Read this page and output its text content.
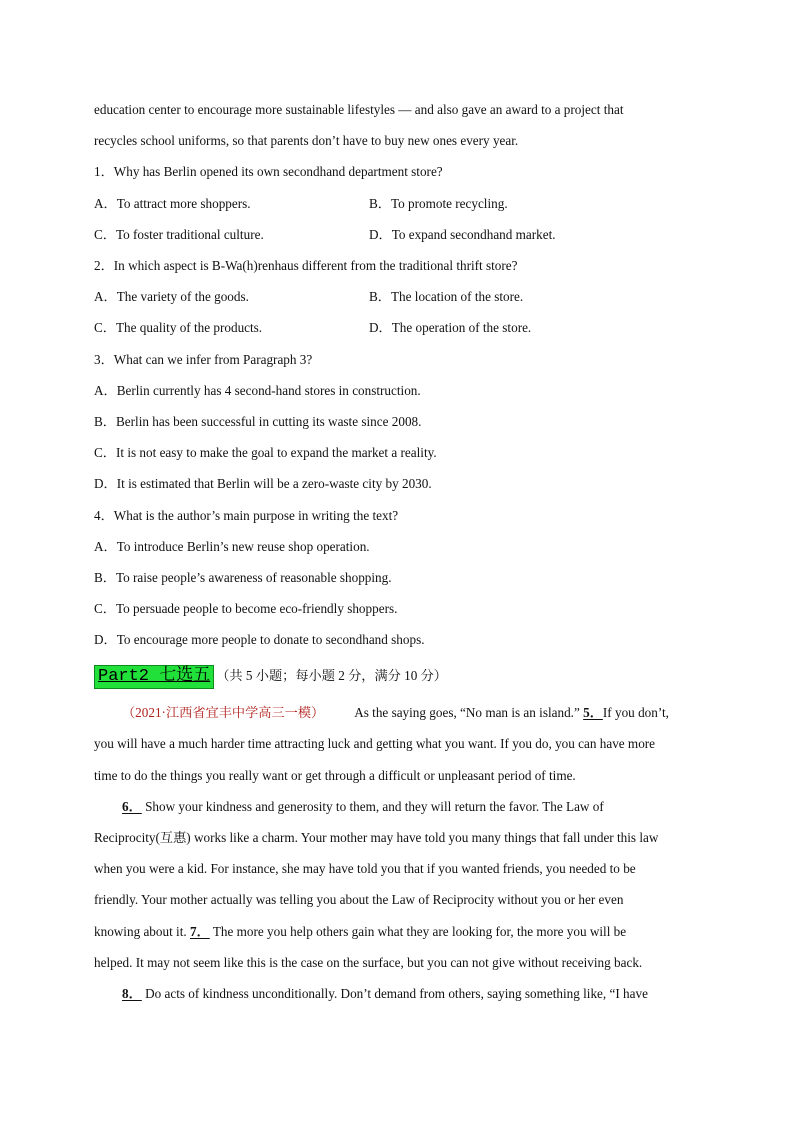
education center to encourage more sustainable lifestyles — and also gave an award to a project that
recycles school uniforms, so that parents don’t have to buy new ones every year.
1．Why has Berlin opened its own secondhand department store?
A．To attract more shoppers.	B．To promote recycling.
C．To foster traditional culture.	D．To expand secondhand market.
2．In which aspect is B-Wa(h)renhaus different from the traditional thrift store?
A．The variety of the goods.	B．The location of the store.
C．The quality of the products.	D．The operation of the store.
3．What can we infer from Paragraph 3?
A．Berlin currently has 4 second-hand stores in construction.
B．Berlin has been successful in cutting its waste since 2008.
C．It is not easy to make the goal to expand the market a reality.
D．It is estimated that Berlin will be a zero-waste city by 2030.
4．What is the author’s main purpose in writing the text?
A．To introduce Berlin’s new reuse shop operation.
B．To raise people’s awareness of reasonable shopping.
C．To persuade people to become eco-friendly shoppers.
D．To encourage more people to donate to secondhand shops.
Part2 七选五 （共 5 小题；每小题 2 分，满分 10 分）
（2021·江西省宜丰中学高三一模） As the saying goes, “No man is an island.” 5．If you don’t,
you will have a much harder time attracting luck and getting what you want. If you do, you can have more
time to do the things you really want or get through a difficult or unpleasant period of time.
6． Show your kindness and generosity to them, and they will return the favor. The Law of
Reciprocity(互惠) works like a charm. Your mother may have told you many things that fall under this law
when you were a kid. For instance, she may have told you that if you wanted friends, you needed to be
friendly. Your mother actually was telling you about the Law of Reciprocity without you or her even
knowing about it. 7． The more you help others gain what they are looking for, the more you will be
helped. It may not seem like this is the case on the surface, but you can not give without receiving back.
8． Do acts of kindness unconditionally. Don’t demand from others, saying something like, “I have
